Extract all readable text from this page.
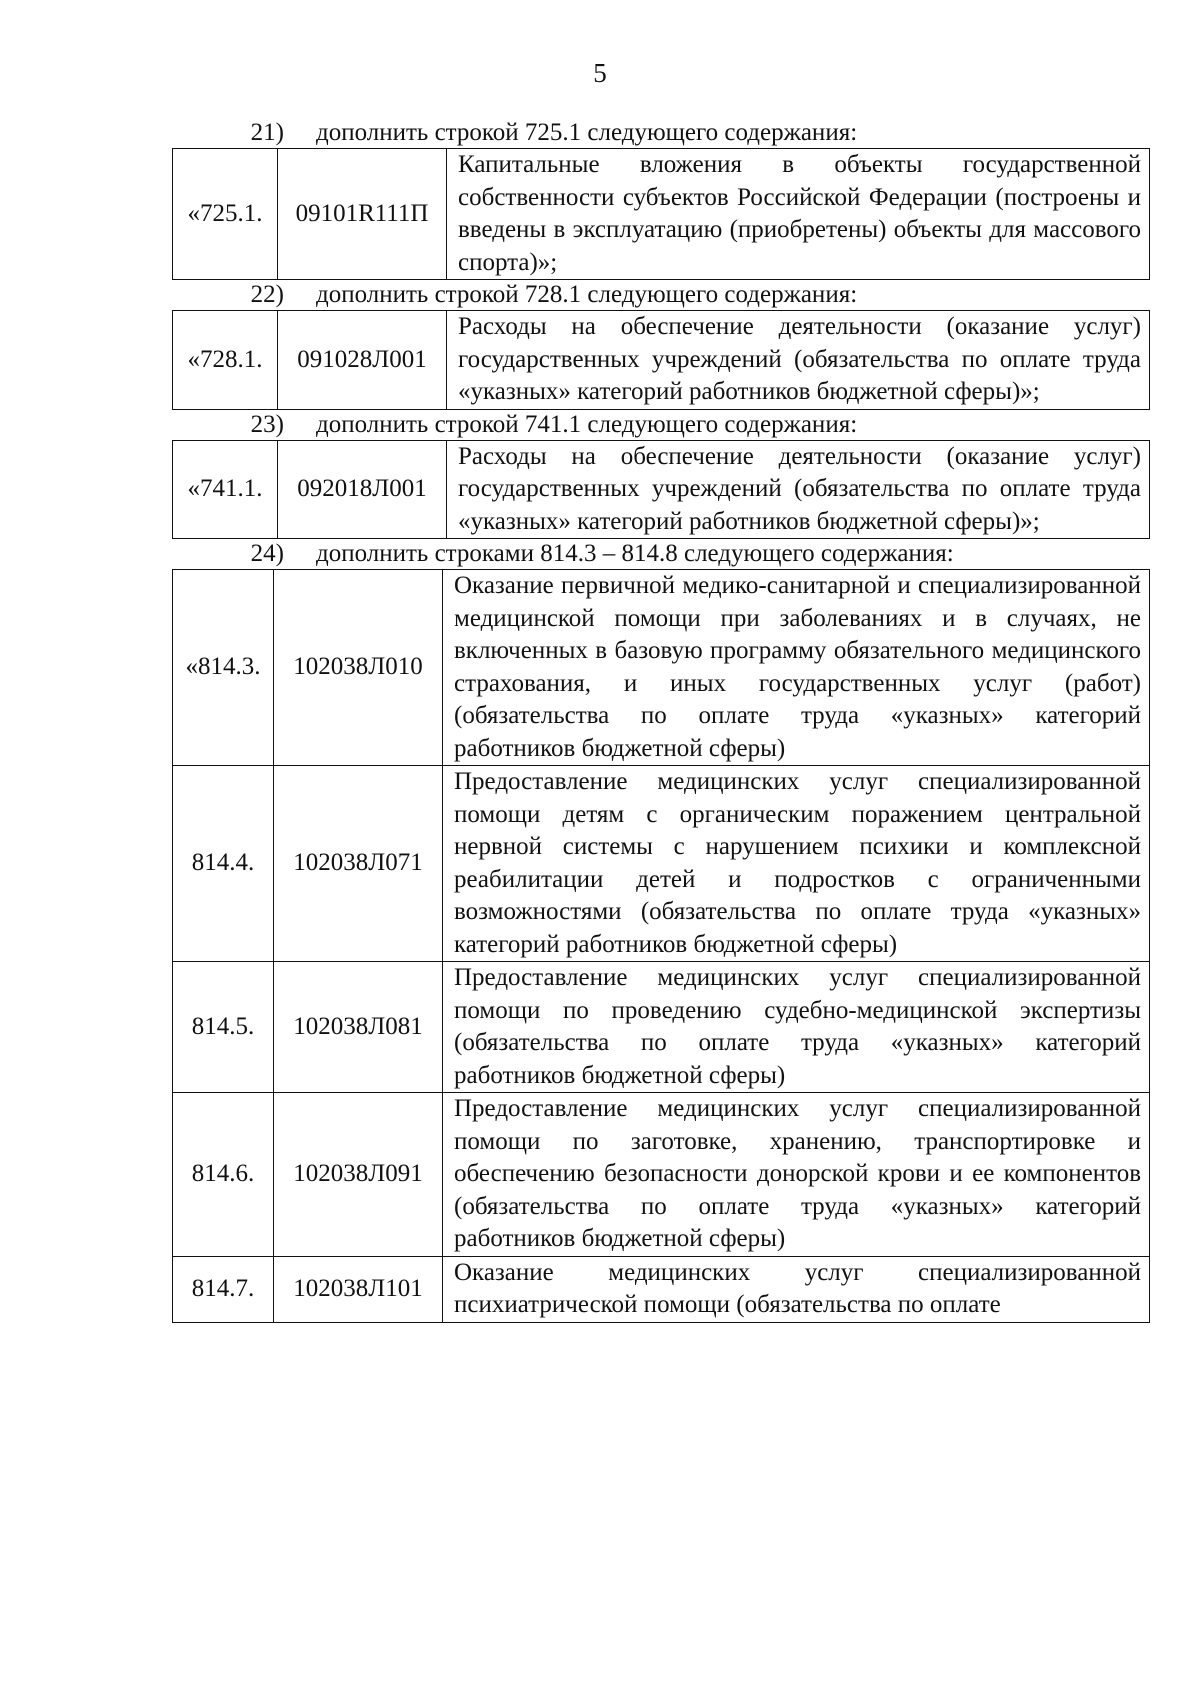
5
21)	дополнить строкой 725.1 следующего содержания:
«725.1.	09101R111П	Капитальные вложения в объекты государственной собственности субъектов Российской Федерации (построены и введены в эксплуатацию (приобретены) объекты для массового спорта)»;
22)	дополнить строкой 728.1 следующего содержания:
«728.1.	091028Л001	Расходы на обеспечение деятельности (оказание услуг) государственных учреждений (обязательства по оплате труда «указных» категорий работников бюджетной сферы)»;
23)	дополнить строкой 741.1 следующего содержания:
«741.1.	092018Л001	Расходы на обеспечение деятельности (оказание услуг) государственных учреждений (обязательства по оплате труда «указных» категорий работников бюджетной сферы)»;
24)	дополнить строками 814.3 – 814.8 следующего содержания:
«814.3.	102038Л010	Оказание первичной медико-санитарной и специализированной медицинской помощи при заболеваниях и в случаях, не включенных в базовую программу обязательного медицинского страхования, и иных государственных услуг (работ) (обязательства по оплате труда «указных» категорий работников бюджетной сферы)
814.4.	102038Л071	Предоставление медицинских услуг специализированной помощи детям с органическим поражением центральной нервной системы с нарушением психики и комплексной реабилитации детей и подростков с ограниченными возможностями (обязательства по оплате труда «указных» категорий работников бюджетной сферы)
814.5.	102038Л081	Предоставление медицинских услуг специализированной помощи по проведению судебно-медицинской экспертизы (обязательства по оплате труда «указных» категорий работников бюджетной сферы)
814.6.	102038Л091	Предоставление медицинских услуг специализированной помощи по заготовке, хранению, транспортировке и обеспечению безопасности донорской крови и ее компонентов (обязательства по оплате труда «указных» категорий работников бюджетной сферы)
814.7.	102038Л101	Оказание медицинских услуг специализированной психиатрической помощи (обязательства по оплате
